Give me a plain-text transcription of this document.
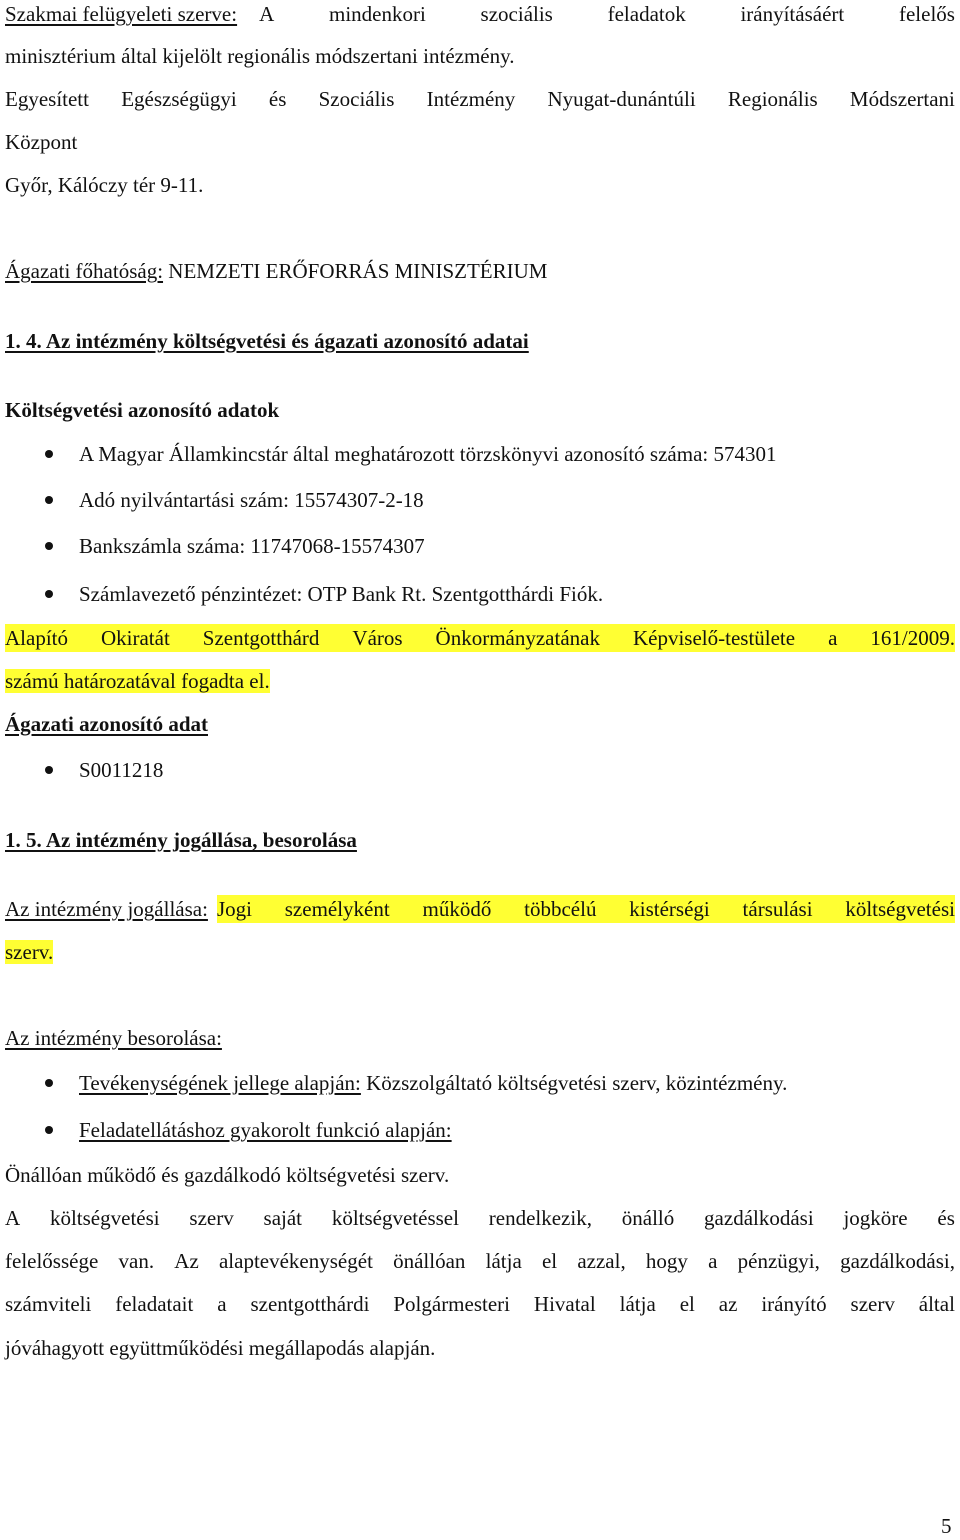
Szakmai felügyeleti szerve: A	mindenkori	szociális	feladatok	irányításáért	felelős
minisztérium által kijelölt regionális módszertani intézmény.
Egyesített Egészségügyi és Szociális Intézmény Nyugat-dunántúli Regionális Módszertani
Központ
Győr, Kálóczy tér 9-11.
Ágazati főhatóság: NEMZETI ERŐFORRÁS MINISZTÉRIUM
1. 4. Az intézmény költségvetési és ágazati azonosító adatai
Költségvetési azonosító adatok
A Magyar Államkincstár által meghatározott törzskönyvi azonosító száma: 574301
Adó nyilvántartási szám: 15574307-2-18
Bankszámla száma: 11747068-15574307
Számlavezető pénzintézet: OTP Bank Rt. Szentgotthárdi Fiók.
Alapító Okiratát Szentgotthárd Város Önkormányzatának Képviselő-testülete a 161/2009.
számú határozatával fogadta el.
Ágazati azonosító adat
S0011218
1. 5. Az intézmény jogállása, besorolása
Az intézmény jogállása: Jogi személyként működő többcélú kistérségi társulási költségvetési
szerv.
Az intézmény besorolása:
Tevékenységének jellege alapján: Közszolgáltató költségvetési szerv, közintézmény.
Feladatellátáshoz gyakorolt funkció alapján:
Önállóan működő és gazdálkodó költségvetési szerv.
A költségvetési szerv saját költségvetéssel rendelkezik, önálló gazdálkodási jogköre és
felelőssége van. Az alaptevékenységét önállóan látja el azzal, hogy a pénzügyi, gazdálkodási,
számviteli feladatait a szentgotthárdi Polgármesteri Hivatal látja el az irányító szerv által
jóváhagyott együttműködési megállapodás alapján.
5
